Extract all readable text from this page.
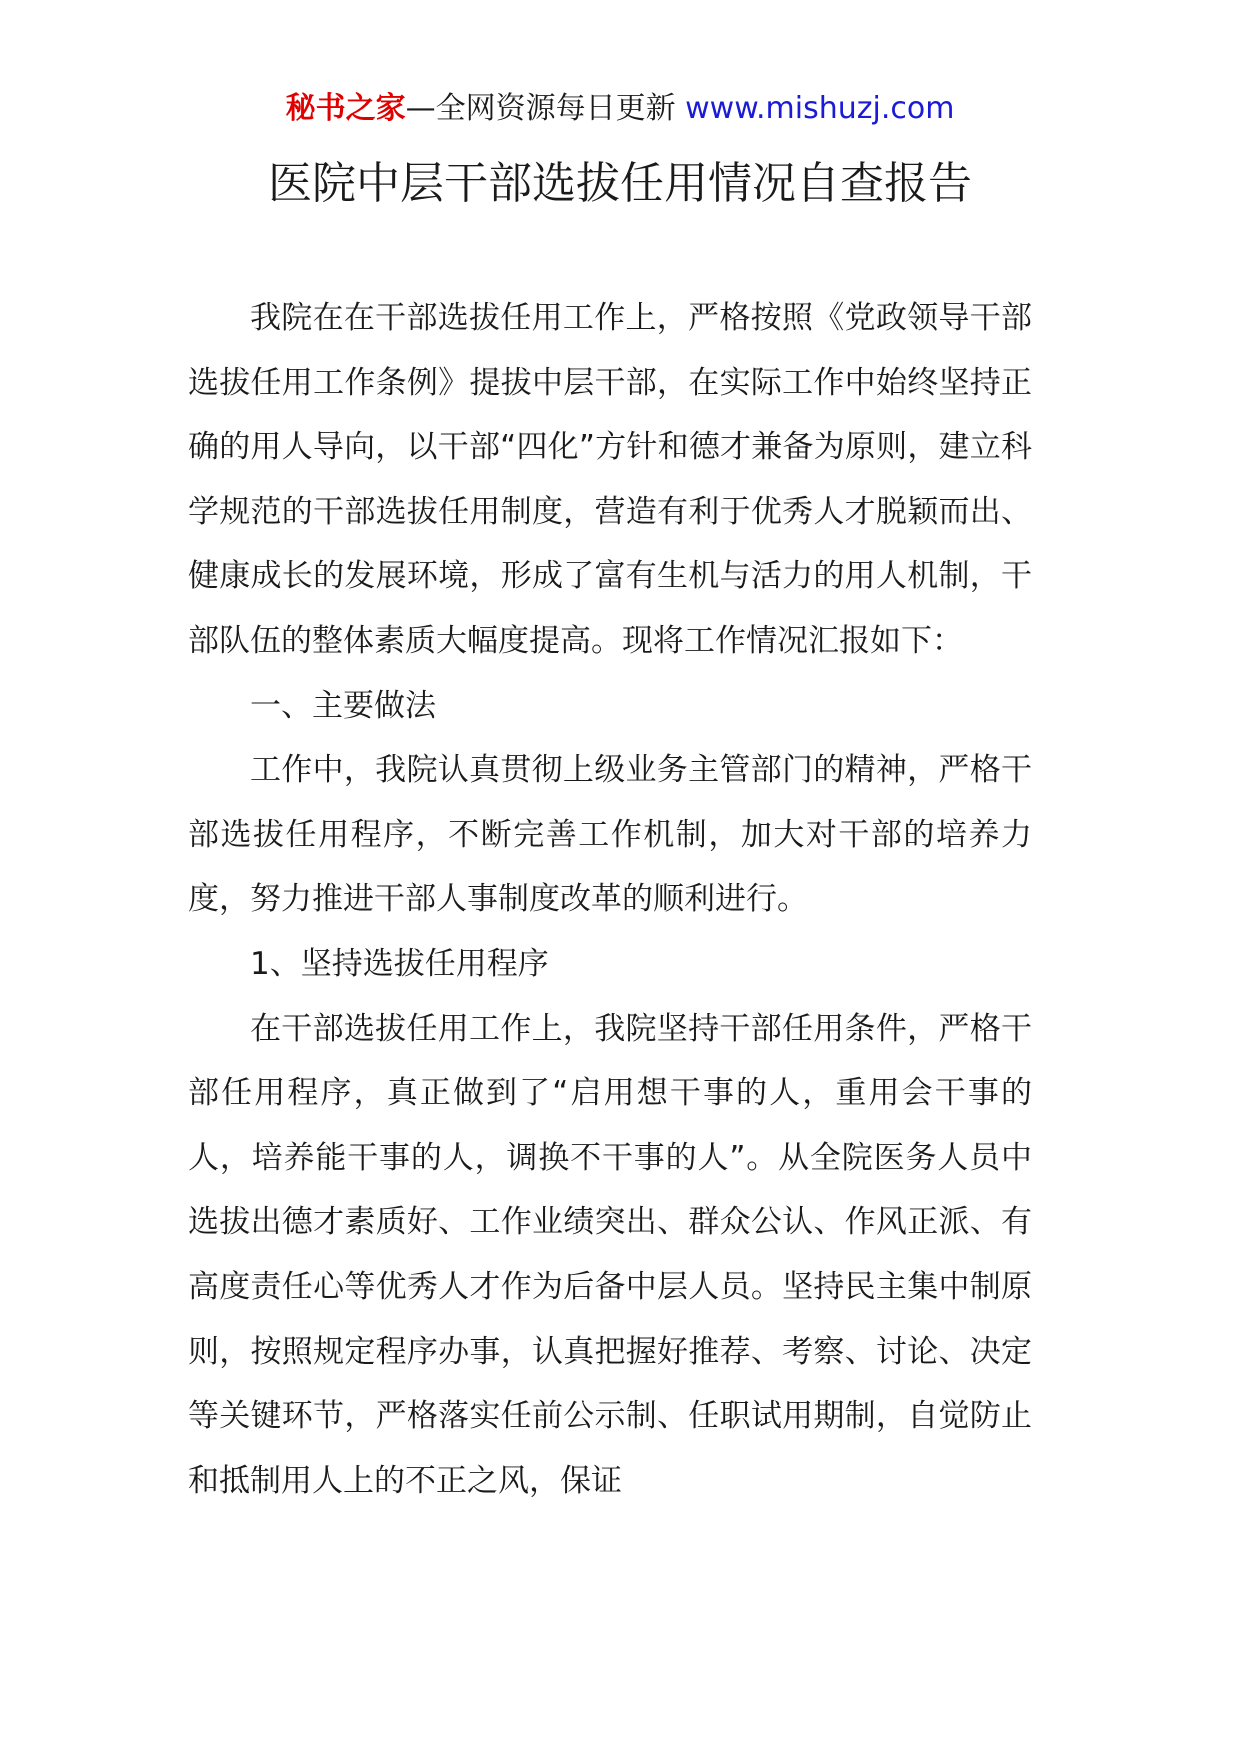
秘书之家—全网资源每日更新 www.mishuzj.com
医院中层干部选拔任用情况自查报告

我院在在干部选拔任用工作上，严格按照《党政领导干部选拔任用工作条例》提拔中层干部，在实际工作中始终坚持正确的用人导向，以干部“四化”方针和德才兼备为原则，建立科学规范的干部选拔任用制度，营造有利于优秀人才脱颖而出、健康成长的发展环境，形成了富有生机与活力的用人机制，干部队伍的整体素质大幅度提高。现将工作情况汇报如下：

一、主要做法

工作中，我院认真贯彻上级业务主管部门的精神，严格干部选拔任用程序，不断完善工作机制，加大对干部的培养力度，努力推进干部人事制度改革的顺利进行。

1、坚持选拔任用程序

在干部选拔任用工作上，我院坚持干部任用条件，严格干部任用程序，真正做到了“启用想干事的人，重用会干事的人，培养能干事的人，调换不干事的人”。从全院医务人员中选拔出德才素质好、工作业绩突出、群众公认、作风正派、有高度责任心等优秀人才作为后备中层人员。坚持民主集中制原则，按照规定程序办事，认真把握好推荐、考察、讨论、决定等关键环节，严格落实任前公示制、任职试用期制，自觉防止和抵制用人上的不正之风，保证
